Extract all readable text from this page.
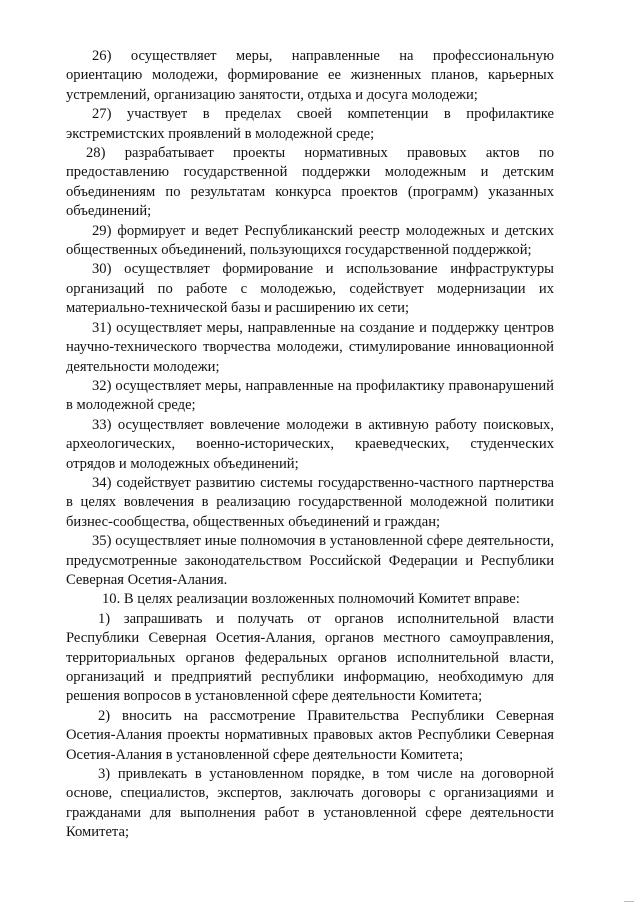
26) осуществляет меры, направленные на профессиональную ориентацию молодежи, формирование ее жизненных планов, карьерных устремлений, организацию занятости, отдыха и досуга молодежи;

27) участвует в пределах своей компетенции в профилактике экстремистских проявлений в молодежной среде;

28) разрабатывает проекты нормативных правовых актов по предоставлению государственной поддержки молодежным и детским объединениям по результатам конкурса проектов (программ) указанных объединений;

29) формирует и ведет Республиканский реестр молодежных и детских общественных объединений, пользующихся государственной поддержкой;

30) осуществляет формирование и использование инфраструктуры организаций по работе с молодежью, содействует модернизации их материально-технической базы и расширению их сети;

31) осуществляет меры, направленные на создание и поддержку центров научно-технического творчества молодежи, стимулирование инновационной деятельности молодежи;

32) осуществляет меры, направленные на профилактику правонарушений в молодежной среде;

33) осуществляет вовлечение молодежи в активную работу поисковых, археологических, военно-исторических, краеведческих, студенческих отрядов и молодежных объединений;

34) содействует развитию системы государственно-частного партнерства в целях вовлечения в реализацию государственной молодежной политики бизнес-сообщества, общественных объединений и граждан;

35) осуществляет иные полномочия в установленной сфере деятельности, предусмотренные законодательством Российской Федерации и Республики Северная Осетия-Алания.

10. В целях реализации возложенных полномочий Комитет вправе:

1) запрашивать и получать от органов исполнительной власти Республики Северная Осетия-Алания, органов местного самоуправления, территориальных органов федеральных органов исполнительной власти, организаций и предприятий республики информацию, необходимую для решения вопросов в установленной сфере деятельности Комитета;

2) вносить на рассмотрение Правительства Республики Северная Осетия-Алания проекты нормативных правовых актов Республики Северная Осетия-Алания в установленной сфере деятельности Комитета;

3) привлекать в установленном порядке, в том числе на договорной основе, специалистов, экспертов, заключать договоры с организациями и гражданами для выполнения работ в установленной сфере деятельности Комитета;
